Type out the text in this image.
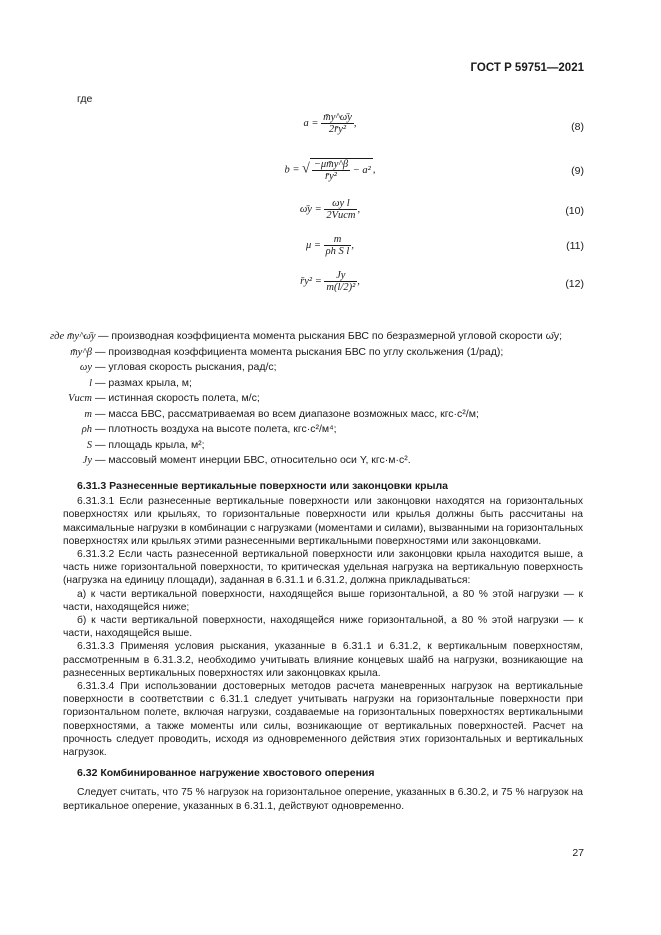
ГОСТ Р 59751—2021
где
$a = \frac{m̄y\^{}\omegāy}{\text{2r̄y²}}$ ,	(8)
b = √ $\frac{-\mu m̄y\^{}\beta}{\text{r̄y²}} - a^2$ ,	(9)
ω̄y = $\frac{\text{ωy l}}{\text{2Vист}}$ ,	(10)
$\mu = \frac{m}{\text{ρh S l}}$ ,	(11)
r̄y² = $\frac{Jy}{\text{m(l/2)²}}$ ,	(12)
где m̄y^ω̄y — производная коэффициента момента рыскания БВС по безразмерной угловой скорости ω̄y;
m̄y^β — производная коэффициента момента рыскания БВС по углу скольжения (1/рад);
ωy — угловая скорость рыскания, рад/с;
l — размах крыла, м;
Vист — истинная скорость полета, м/с;
m — масса БВС, рассматриваемая во всем диапазоне возможных масс, кгс·с²/м;
ρh — плотность воздуха на высоте полета, кгс·с²/м⁴;
S — площадь крыла, м²;
Jy — массовый момент инерции БВС, относительно оси Y, кгс·м·с².
6.31.3 Разнесенные вертикальные поверхности или законцовки крыла

6.31.3.1 Если разнесенные вертикальные поверхности или законцовки находятся на горизонтальных поверхностях или крыльях, то горизонтальные поверхности или крылья должны быть рассчитаны на максимальные нагрузки в комбинации с нагрузками (моментами и силами), вызванными на горизонтальных поверхностях или крыльях этими разнесенными вертикальными поверхностями или законцовками.

6.31.3.2 Если часть разнесенной вертикальной поверхности или законцовки крыла находится выше, а часть ниже горизонтальной поверхности, то критическая удельная нагрузка на вертикальную поверхность (нагрузка на единицу площади), заданная в 6.31.1 и 6.31.2, должна прикладываться:

а) к части вертикальной поверхности, находящейся выше горизонтальной, а 80 % этой нагрузки — к части, находящейся ниже;

б) к части вертикальной поверхности, находящейся ниже горизонтальной, а 80 % этой нагрузки — к части, находящейся выше.

6.31.3.3 Применяя условия рыскания, указанные в 6.31.1 и 6.31.2, к вертикальным поверхностям, рассмотренным в 6.31.3.2, необходимо учитывать влияние концевых шайб на нагрузки, возникающие на разнесенных вертикальных поверхностях или законцовках крыла.

6.31.3.4 При использовании достоверных методов расчета маневренных нагрузок на вертикальные поверхности в соответствии с 6.31.1 следует учитывать нагрузки на горизонтальные поверхности при горизонтальном полете, включая нагрузки, создаваемые на горизонтальных поверхностях вертикальными поверхностями, а также моменты или силы, возникающие от вертикальных поверхностей. Расчет на прочность следует проводить, исходя из одновременного действия этих горизонтальных и вертикальных нагрузок.

6.32 Комбинированное нагружение хвостового оперения

Следует считать, что 75 % нагрузок на горизонтальное оперение, указанных в 6.30.2, и 75 % нагрузок на вертикальное оперение, указанных в 6.31.1, действуют одновременно.

27
